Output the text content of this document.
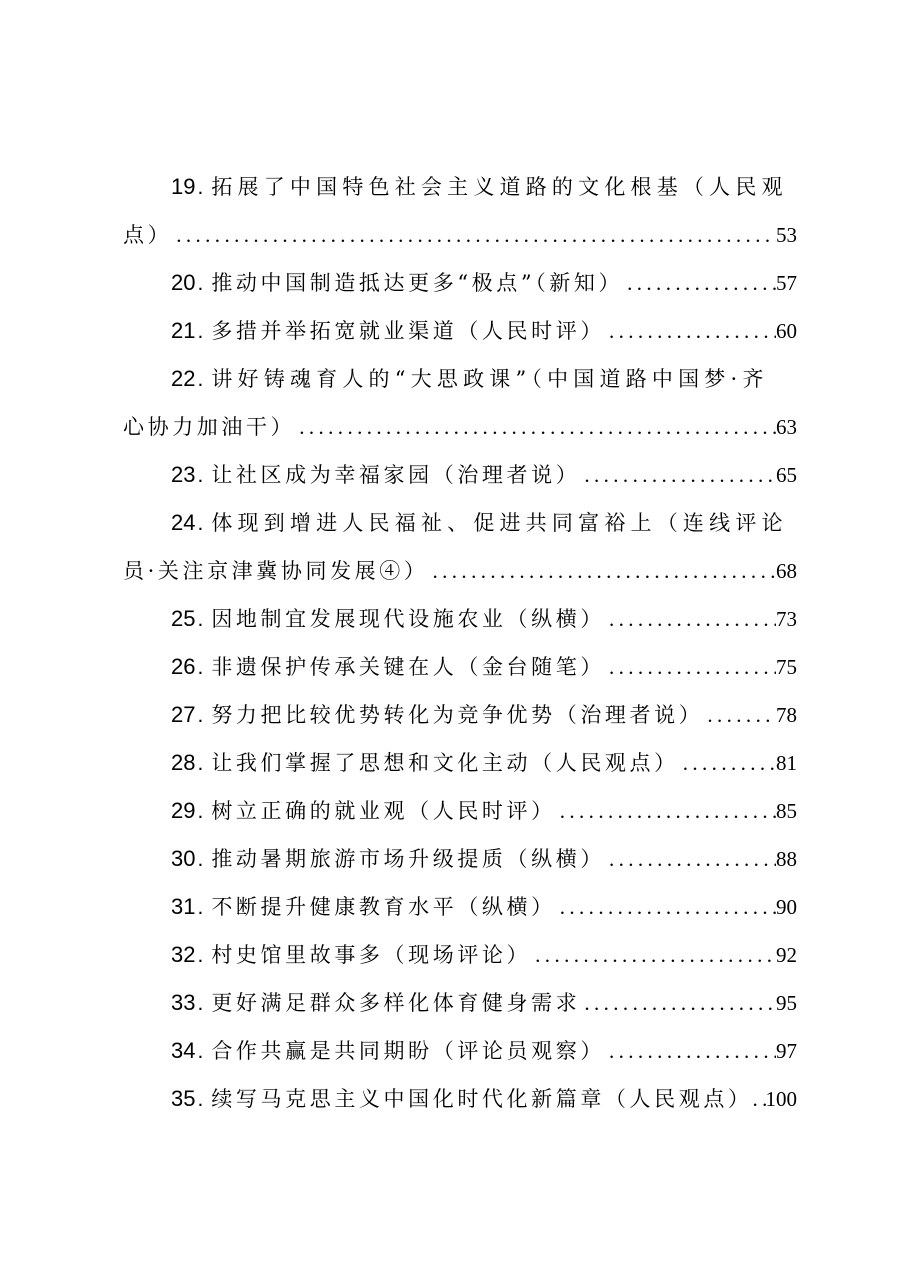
19 . 拓展了中国特色社会主义道路的文化根基（人民观
点） .....	53
20 . 推动中国制造抵达更多“极点”（新知） .....	57
21 . 多措并举拓宽就业渠道（人民时评） .....	60
22 . 讲好铸魂育人的“大思政课”（中国道路中国梦·齐
心协力加油干） .....	63
23 . 让社区成为幸福家园（治理者说） .....	65
24 . 体现到增进人民福祉、促进共同富裕上（连线评论
员·关注京津冀协同发展④） .....	68
25 . 因地制宜发展现代设施农业（纵横） .....	73
26 . 非遗保护传承关键在人（金台随笔） .....	75
27 . 努力把比较优势转化为竞争优势（治理者说） .....	78
28 . 让我们掌握了思想和文化主动（人民观点） .....	81
29 . 树立正确的就业观（人民时评） .....	85
30 . 推动暑期旅游市场升级提质（纵横） .....	88
31 . 不断提升健康教育水平（纵横） .....	90
32 . 村史馆里故事多（现场评论） .....	92
33 . 更好满足群众多样化体育健身需求 .....	95
34 . 合作共赢是共同期盼（评论员观察） .....	97
35 . 续写马克思主义中国化时代化新篇章（人民观点） ..... 100
